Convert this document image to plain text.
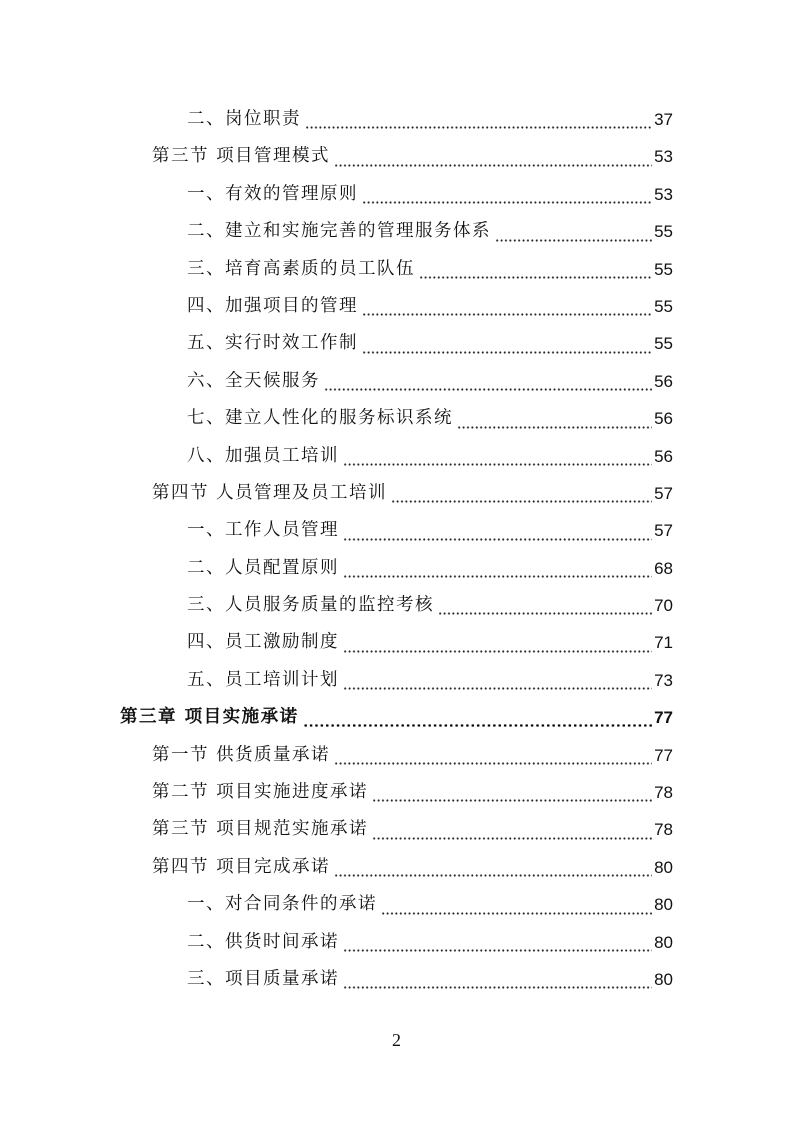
二、岗位职责	37
第三节 项目管理模式	53
一、有效的管理原则	53
二、建立和实施完善的管理服务体系	55
三、培育高素质的员工队伍	55
四、加强项目的管理	55
五、实行时效工作制	55
六、全天候服务	56
七、建立人性化的服务标识系统	56
八、加强员工培训	56
第四节 人员管理及员工培训	57
一、工作人员管理	57
二、人员配置原则	68
三、人员服务质量的监控考核	70
四、员工激励制度	71
五、员工培训计划	73
第三章 项目实施承诺	77
第一节 供货质量承诺	77
第二节 项目实施进度承诺	78
第三节 项目规范实施承诺	78
第四节 项目完成承诺	80
一、对合同条件的承诺	80
二、供货时间承诺	80
三、项目质量承诺	80
2
